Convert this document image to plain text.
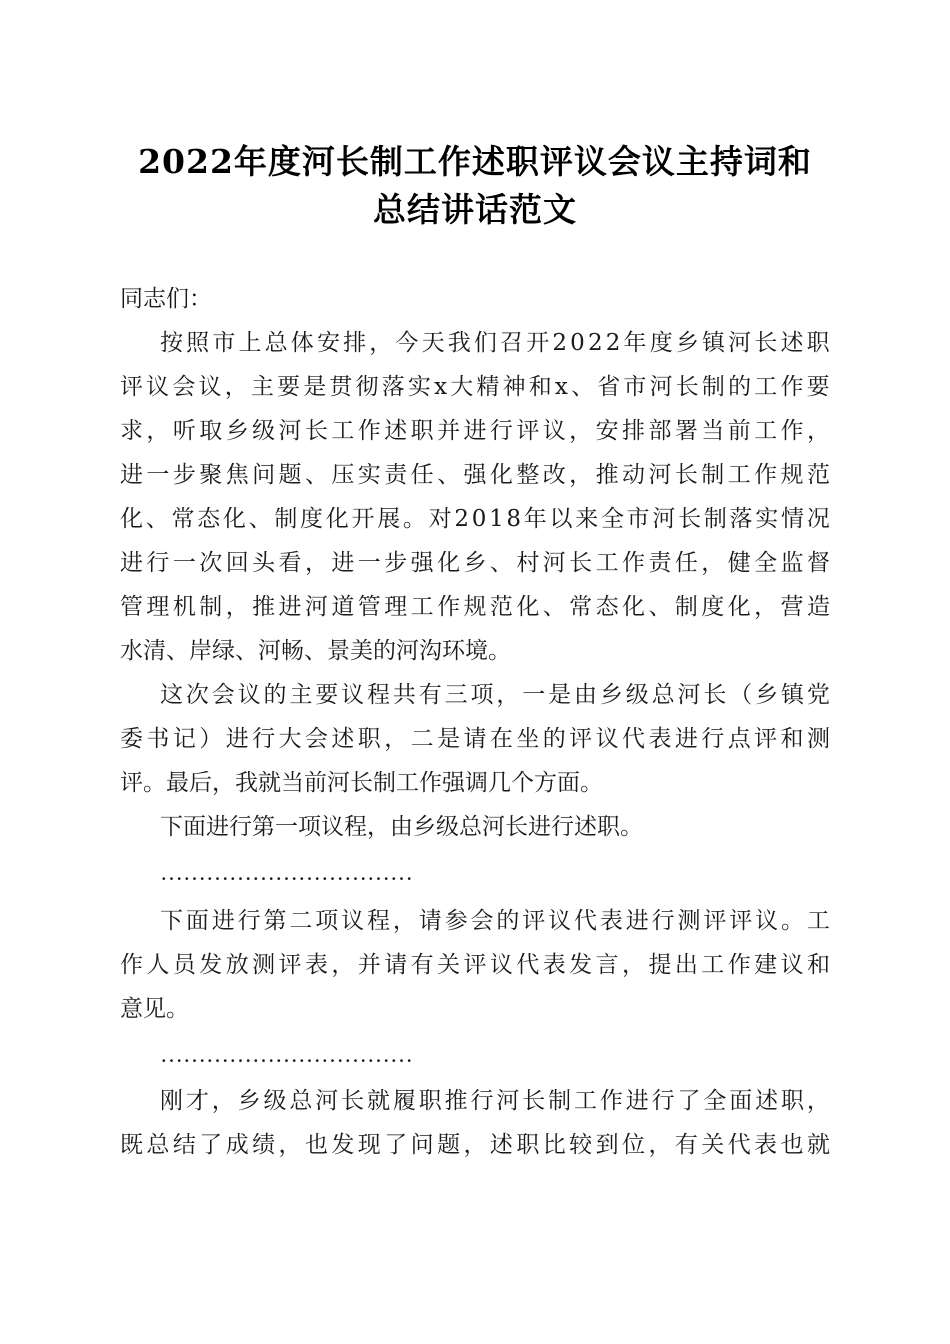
2022年度河长制工作述职评议会议主持词和
总结讲话范文
同志们：
按 照 市 上 总 体 安 排 ， 今 天 我 们 召 开 2 0 2 2 年 度 乡 镇 河 长 述 职
评 议 会 议 ， 主 要 是 贯 彻 落 实 x 大 精 神 和 x 、 省 市 河 长 制 的 工 作 要
求 ， 听 取 乡 级 河 长 工 作 述 职 并 进 行 评 议 ， 安 排 部 署 当 前 工 作 ，
进 一 步 聚 焦 问 题 、 压 实 责 任 、 强 化 整 改 ， 推 动 河 长 制 工 作 规 范
化 、 常 态 化 、 制 度 化 开 展 。 对 2 0 1 8 年 以 来 全 市 河 长 制 落 实 情 况
进 行 一 次 回 头 看 ， 进 一 步 强 化 乡 、 村 河 长 工 作 责 任 ， 健 全 监 督
管 理 机 制 ， 推 进 河 道 管 理 工 作 规 范 化 、 常 态 化 、 制 度 化 ， 营 造
水清、岸绿、河畅、景美的河沟环境。
这 次 会 议 的 主 要 议 程 共 有 三 项 ， 一 是 由 乡 级 总 河 长 （ 乡 镇 党
委 书 记 ） 进 行 大 会 述 职 ， 二 是 请 在 坐 的 评 议 代 表 进 行 点 评 和 测
评。最后，我就当前河长制工作强调几个方面。
下面进行第一项议程，由乡级总河长进行述职。
……………………………
下 面 进 行 第 二 项 议 程 ， 请 参 会 的 评 议 代 表 进 行 测 评 评 议 。 工
作 人 员 发 放 测 评 表 ， 并 请 有 关 评 议 代 表 发 言 ， 提 出 工 作 建 议 和
意见。
……………………………
刚 才 ， 乡 级 总 河 长 就 履 职 推 行 河 长 制 工 作 进 行 了 全 面 述 职 ，
既 总 结 了 成 绩 ， 也 发 现 了 问 题 ， 述 职 比 较 到 位 ， 有 关 代 表 也 就
